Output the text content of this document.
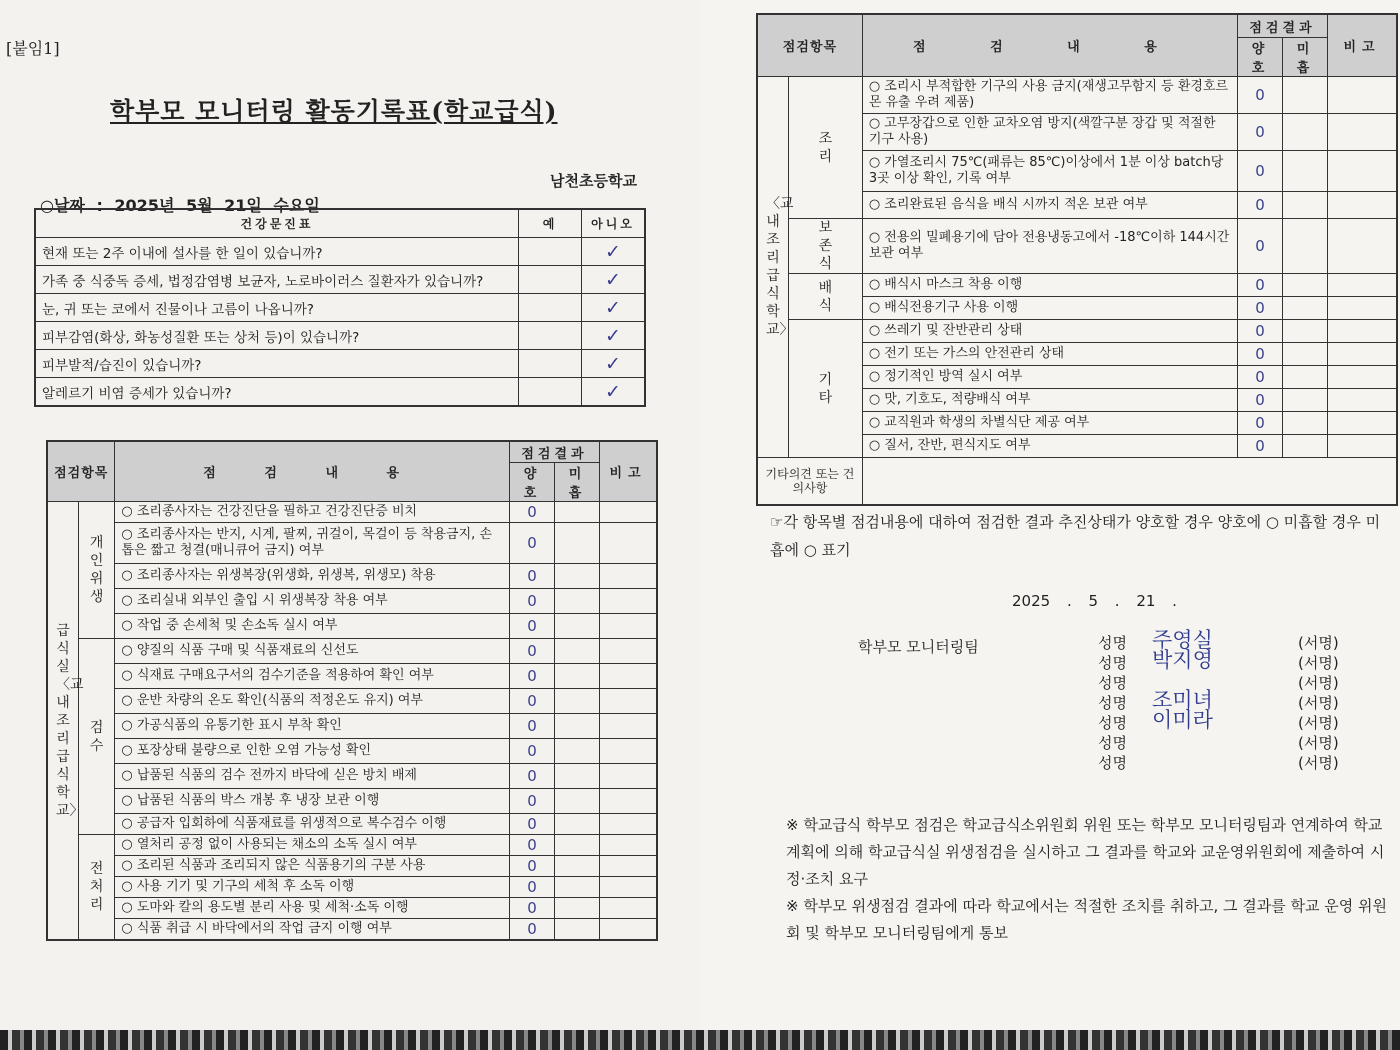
[붙임1]
학부모 모니터링 활동기록표(학교급식)
남천초등학교
○날짜 : 2025년 5월 21일 수요일
건강문진표	예	아니오
현재 또는 2주 이내에 설사를 한 일이 있습니까?		✓
가족 중 식중독 증세, 법정감염병 보균자, 노로바이러스 질환자가 있습니까?		✓
눈, 귀 또는 코에서 진물이나 고름이 나옵니까?		✓
피부감염(화상, 화농성질환 또는 상처 등)이 있습니까?		✓
피부발적/습진이 있습니까?		✓
알레르기 비염 증세가 있습니까?		✓
점검항목		점 검 내 용	점검결과		비고
			양호	미흡	
급식실 〈교내조리 급식학교〉	개인위생	○ 조리종사자는 건강진단을 필하고 건강진단증 비치	0		
		○ 조리종사자는 반지, 시계, 팔찌, 귀걸이, 목걸이 등 착용금지, 손톱은 짧고 청결(매니큐어 금지) 여부	0		
		○ 조리종사자는 위생복장(위생화, 위생복, 위생모) 착용	0		
		○ 조리실내 외부인 출입 시 위생복장 착용 여부	0		
		○ 작업 중 손세척 및 손소독 실시 여부	0		
	검수	○ 양질의 식품 구매 및 식품재료의 신선도	0		
		○ 식재료 구매요구서의 검수기준을 적용하여 확인 여부	0		
		○ 운반 차량의 온도 확인(식품의 적정온도 유지) 여부	0		
		○ 가공식품의 유통기한 표시 부착 확인	0		
		○ 포장상태 불량으로 인한 오염 가능성 확인	0		
		○ 납품된 식품의 검수 전까지 바닥에 싣은 방치 배제	0		
		○ 납품된 식품의 박스 개봉 후 냉장 보관 이행	0		
		○ 공급자 입회하에 식품재료를 위생적으로 복수검수 이행	0		
	전처리	○ 열처리 공정 없이 사용되는 채소의 소독 실시 여부	0		
		○ 조리된 식품과 조리되지 않은 식품용기의 구분 사용	0		
		○ 사용 기기 및 기구의 세척 후 소독 이행	0		
		○ 도마와 칼의 용도별 분리 사용 및 세척·소독 이행	0		
		○ 식품 취급 시 바닥에서의 작업 금지 이행 여부	0		
점검항목		점 검 내 용	점검결과		비고
			양호	미흡	
〈교내조리 급식학교〉	조리	○ 조리시 부적합한 기구의 사용 금지(재생고무함지 등 환경호르몬 유출 우려 제품)	0		
		○ 고무장갑으로 인한 교차오염 방지(색깔구분 장갑 및 적절한 기구 사용)	0		
		○ 가열조리시 75℃(패류는 85℃)이상에서 1분 이상 batch당 3곳 이상 확인, 기록 여부	0		
		○ 조리완료된 음식을 배식 시까지 적온 보관 여부	0		
	보존식	○ 전용의 밀폐용기에 담아 전용냉동고에서 -18℃이하 144시간 보관 여부	0		
	배식	○ 배식시 마스크 착용 이행	0		
		○ 배식전용기구 사용 이행	0		
	기타	○ 쓰레기 및 잔반관리 상태	0		
		○ 전기 또는 가스의 안전관리 상태	0		
		○ 정기적인 방역 실시 여부	0		
		○ 맛, 기호도, 적량배식 여부	0		
		○ 교직원과 학생의 차별식단 제공 여부	0		
		○ 질서, 잔반, 편식지도 여부	0		
기타의견 또는 건의사항					
☞각 항목별 점검내용에 대하여 점검한 결과 추진상태가 양호할 경우 양호에 ○ 미흡할 경우 미흡에 ○ 표기
2025 . 5 . 21 .
학부모 모니터링팀	성명 주영실	(서명)
성명 박지영	(서명)
성명	(서명)
성명 조미녀	(서명)
성명 이미라	(서명)
성명	(서명)
성명	(서명)
※ 학교급식 학부모 점검은 학교급식소위원회 위원 또는 학부모 모니터링팀과 연계하여 학교계획에 의해 학교급식실 위생점검을 실시하고 그 결과를 학교와 교운영위원회에 제출하여 시정·조치 요구
※ 학부모 위생점검 결과에 따라 학교에서는 적절한 조치를 취하고, 그 결과를 학교 운영 위원회 및 학부모 모니터링팀에게 통보
